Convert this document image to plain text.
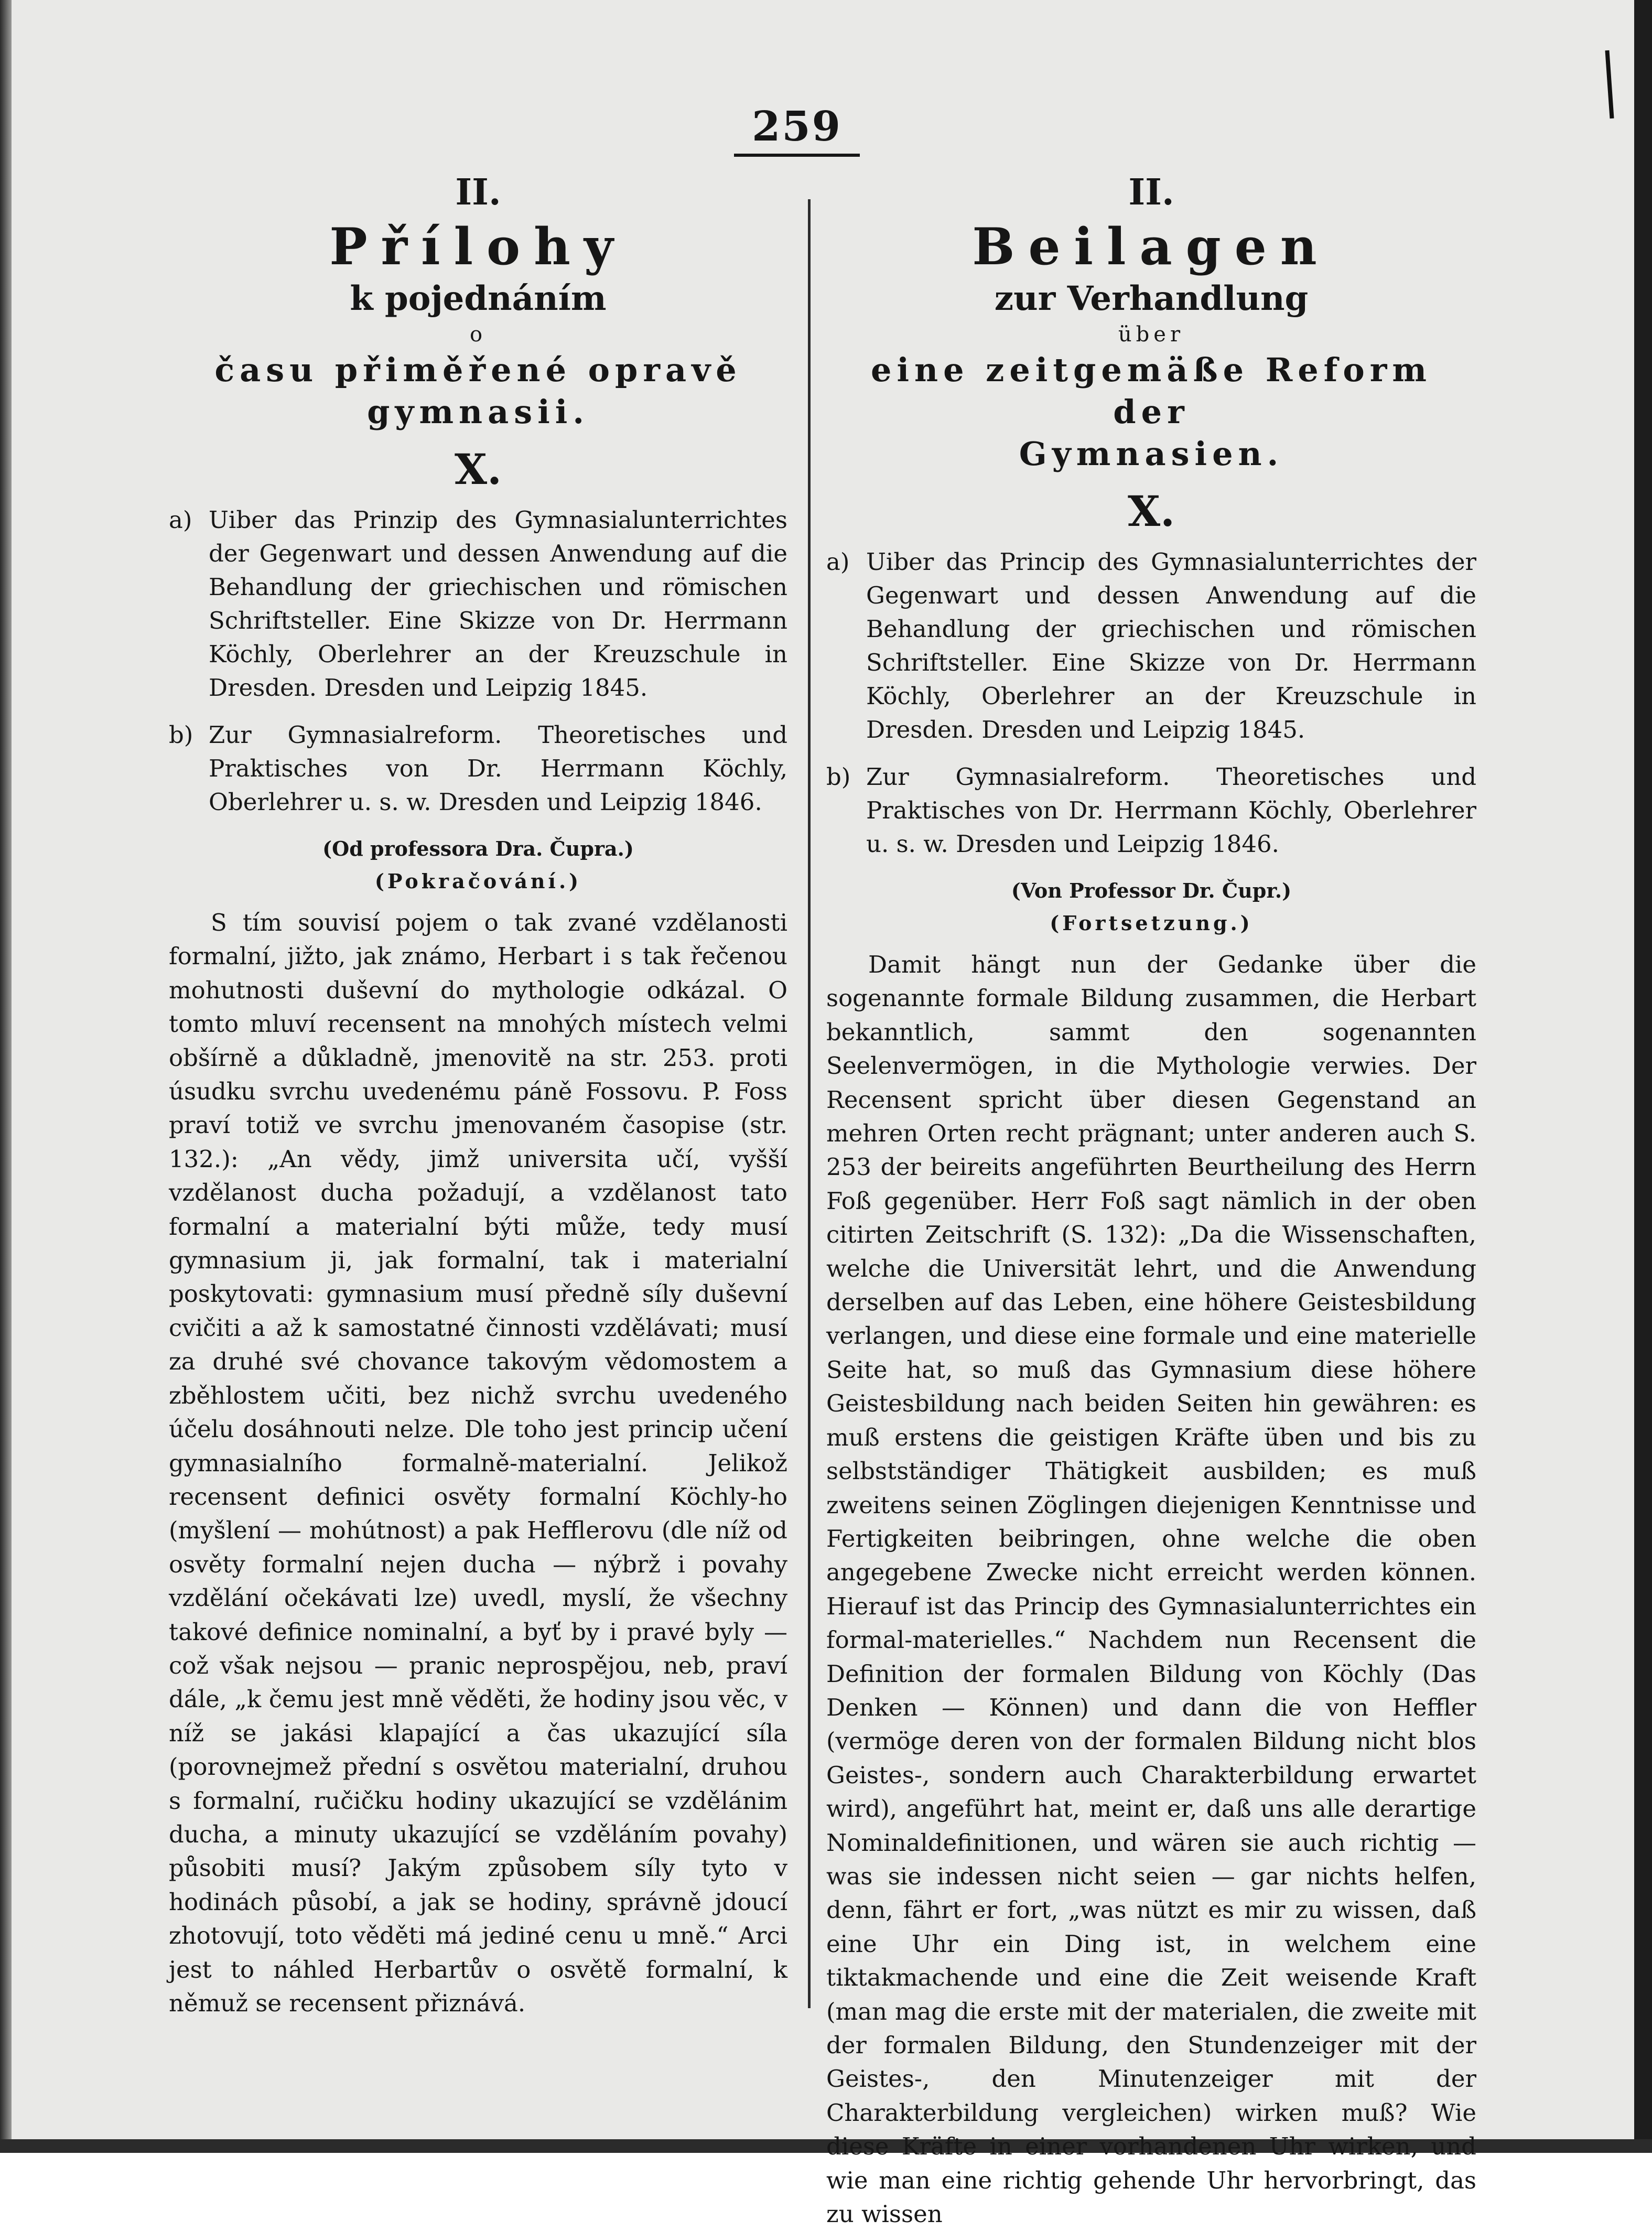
259

II.

Přílohy

k pojednáním

o

času přiměřené opravě

gymnasii.

X.

a) Uiber das Prinzip des Gymnasialunterrichtes der Gegenwart und dessen Anwendung auf die Behandlung der griechischen und römischen Schriftsteller. Eine Skizze von Dr. Herrmann Köchly, Oberlehrer an der Kreuzschule in Dresden. Dresden und Leipzig 1845.
b) Zur Gymnasialreform. Theoretisches und Praktisches von Dr. Herrmann Köchly, Oberlehrer u. s. w. Dresden und Leipzig 1846.

(Od professora Dra. Čupra.)

(Pokračování.)

S tím souvisí pojem o tak zvané vzdělanosti formalní, jižto, jak známo, Herbart i s tak řečenou mohutnosti duševní do mythologie odkázal. O tomto mluví recensent na mnohých místech velmi obšírně a důkladně, jmenovitě na str. 253. proti úsudku svrchu uvedenému páně Fossovu. P. Foss praví totiž ve svrchu jmenovaném časopise (str. 132.): „An vědy, jimž universita učí, vyšší vzdělanost ducha požadují, a vzdělanost tato formalní a materialní býti může, tedy musí gymnasium ji, jak formalní, tak i materialní poskytovati: gymnasium musí předně síly duševní cvičiti a až k samostatné činnosti vzdělávati; musí za druhé své chovance takovým vědomostem a zběhlostem učiti, bez nichž svrchu uvedeného účelu dosáhnouti nelze. Dle toho jest princip učení gymnasialního formalně-materialní. Jelikož recensent definici osvěty formalní Köchly-ho (myšlení — mohútnost) a pak Hefflerovu (dle níž od osvěty formalní nejen ducha — nýbrž i povahy vzdělání očekávati lze) uvedl, myslí, že všechny takové definice nominalní, a byť by i pravé byly — což však nejsou — pranic neprospějou, neb, praví dále, „k čemu jest mně věděti, že hodiny jsou věc, v níž se jakási klapající a čas ukazující síla (porovnejmež přední s osvětou materialní, druhou s formalní, ručičku hodiny ukazující se vzdělánim ducha, a minuty ukazující se vzděláním povahy) působiti musí? Jakým způsobem síly tyto v hodinách působí, a jak se hodiny, správně jdoucí zhotovují, toto věděti má jediné cenu u mně.“ Arci jest to náhled Herbartův o osvětě formalní, k němuž se recensent přiznává.

II.

Beilagen

zur Verhandlung

über

eine zeitgemäße Reform der

Gymnasien.

X.

a) Uiber das Princip des Gymnasialunterrichtes der Gegenwart und dessen Anwendung auf die Behandlung der griechischen und römischen Schriftsteller. Eine Skizze von Dr. Herrmann Köchly, Oberlehrer an der Kreuzschule in Dresden. Dresden und Leipzig 1845.
b) Zur Gymnasialreform. Theoretisches und Praktisches von Dr. Herrmann Köchly, Oberlehrer u. s. w. Dresden und Leipzig 1846.

(Von Professor Dr. Čupr.)

(Fortsetzung.)

Damit hängt nun der Gedanke über die sogenannte formale Bildung zusammen, die Herbart bekanntlich, sammt den sogenannten Seelenvermögen, in die Mythologie verwies. Der Recensent spricht über diesen Gegenstand an mehren Orten recht prägnant; unter anderen auch S. 253 der beireits angeführten Beurtheilung des Herrn Foß gegenüber. Herr Foß sagt nämlich in der oben citirten Zeitschrift (S. 132): „Da die Wissenschaften, welche die Universität lehrt, und die Anwendung derselben auf das Leben, eine höhere Geistesbildung verlangen, und diese eine formale und eine materielle Seite hat, so muß das Gymnasium diese höhere Geistesbildung nach beiden Seiten hin gewähren: es muß erstens die geistigen Kräfte üben und bis zu selbstständiger Thätigkeit ausbilden; es muß zweitens seinen Zöglingen diejenigen Kenntnisse und Fertigkeiten beibringen, ohne welche die oben angegebene Zwecke nicht erreicht werden können. Hierauf ist das Princip des Gymnasialunterrichtes ein formal-materielles.“ Nachdem nun Recensent die Definition der formalen Bildung von Köchly (Das Denken — Können) und dann die von Heffler (vermöge deren von der formalen Bildung nicht blos Geistes-, sondern auch Charakterbildung erwartet wird), angeführt hat, meint er, daß uns alle derartige Nominaldefinitionen, und wären sie auch richtig — was sie indessen nicht seien — gar nichts helfen, denn, fährt er fort, „was nützt es mir zu wissen, daß eine Uhr ein Ding ist, in welchem eine tiktakmachende und eine die Zeit weisende Kraft (man mag die erste mit der materialen, die zweite mit der formalen Bildung, den Stundenzeiger mit der Geistes-, den Minutenzeiger mit der Charakterbildung vergleichen) wirken muß? Wie diese Kräfte in einer vorhandenen Uhr wirken, und wie man eine richtig gehende Uhr hervorbringt, das zu wissen
